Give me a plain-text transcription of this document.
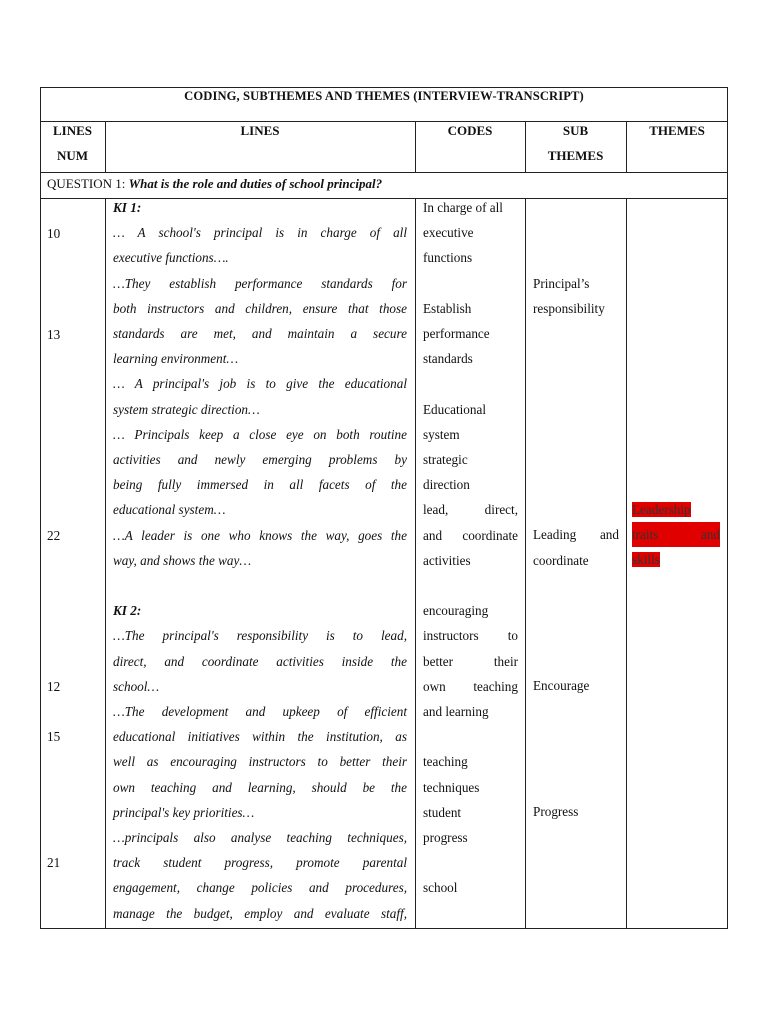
CODING, SUBTHEMES AND THEMES (INTERVIEW-TRANSCRIPT)
LINES
NUM
LINES	CODES	SUB
THEMES
THEMES
QUESTION 1: What is the role and duties of school principal?
10
13
22
12
15
21
KI 1:
… A school's principal is in charge of all
executive functions….
…They establish performance standards for
both instructors and children, ensure that those
standards are met, and maintain a secure
learning environment…
… A principal's job is to give the educational
system strategic direction…
… Principals keep a close eye on both routine
activities and newly emerging problems by
being fully immersed in all facets of the
educational system…
…A leader is one who knows the way, goes the
way, and shows the way…
KI 2:
…The principal's responsibility is to lead,
direct, and coordinate activities inside the
school…
…The development and upkeep of efficient
educational initiatives within the institution, as
well as encouraging instructors to better their
own teaching and learning, should be the
principal's key priorities…
…principals also analyse teaching techniques,
track student progress, promote parental
engagement, change policies and procedures,
manage the budget, employ and evaluate staff,
In charge of all
executive
functions
Establish
performance
standards
Educational
system
strategic
direction
lead, direct,
and coordinate
activities
encouraging
instructors to
better their
own teaching
and learning
teaching
techniques
student
progress
school
Principal’s
responsibility
Leading and
coordinate
Encourage
Progress
Leadership
traits and
skills
